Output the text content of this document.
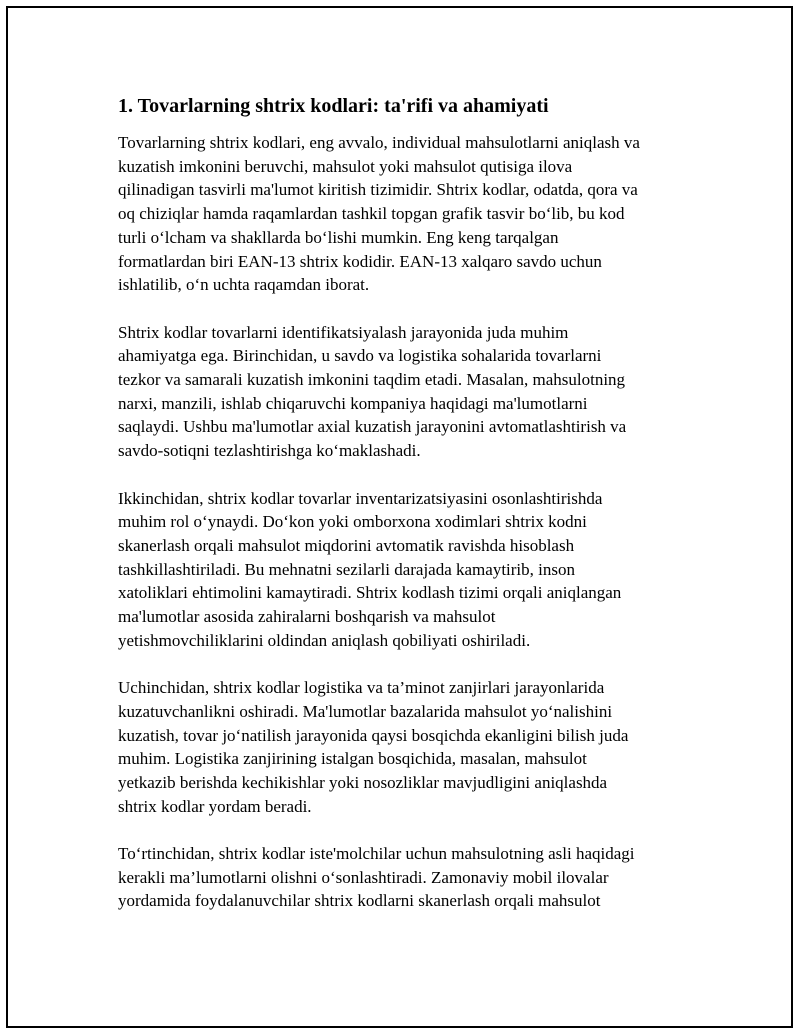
1. Tovarlarning shtrix kodlari: ta'rifi va ahamiyati

Tovarlarning shtrix kodlari, eng avvalo, individual mahsulotlarni aniqlash va
kuzatish imkonini beruvchi, mahsulot yoki mahsulot qutisiga ilova
qilinadigan tasvirli ma'lumot kiritish tizimidir. Shtrix kodlar, odatda, qora va
oq chiziqlar hamda raqamlardan tashkil topgan grafik tasvir boʻlib, bu kod
turli oʻlcham va shakllarda boʻlishi mumkin. Eng keng tarqalgan
formatlardan biri EAN-13 shtrix kodidir. EAN-13 xalqaro savdo uchun
ishlatilib, oʻn uchta raqamdan iborat.

Shtrix kodlar tovarlarni identifikatsiyalash jarayonida juda muhim
ahamiyatga ega. Birinchidan, u savdo va logistika sohalarida tovarlarni
tezkor va samarali kuzatish imkonini taqdim etadi. Masalan, mahsulotning
narxi, manzili, ishlab chiqaruvchi kompaniya haqidagi ma'lumotlarni
saqlaydi. Ushbu ma'lumotlar axial kuzatish jarayonini avtomatlashtirish va
savdo-sotiqni tezlashtirishga koʻmaklashadi.

Ikkinchidan, shtrix kodlar tovarlar inventarizatsiyasini osonlashtirishda
muhim rol oʻynaydi. Doʻkon yoki omborxona xodimlari shtrix kodni
skanerlash orqali mahsulot miqdorini avtomatik ravishda hisoblash
tashkillashtiriladi. Bu mehnatni sezilarli darajada kamaytirib, inson
xatoliklari ehtimolini kamaytiradi. Shtrix kodlash tizimi orqali aniqlangan
ma'lumotlar asosida zahiralarni boshqarish va mahsulot
yetishmovchiliklarini oldindan aniqlash qobiliyati oshiriladi.

Uchinchidan, shtrix kodlar logistika va ta’minot zanjirlari jarayonlarida
kuzatuvchanlikni oshiradi. Ma'lumotlar bazalarida mahsulot yoʻnalishini
kuzatish, tovar joʻnatilish jarayonida qaysi bosqichda ekanligini bilish juda
muhim. Logistika zanjirining istalgan bosqichida, masalan, mahsulot
yetkazib berishda kechikishlar yoki nosozliklar mavjudligini aniqlashda
shtrix kodlar yordam beradi.

Toʻrtinchidan, shtrix kodlar iste'molchilar uchun mahsulotning asli haqidagi
kerakli ma’lumotlarni olishni oʻsonlashtiradi. Zamonaviy mobil ilovalar
yordamida foydalanuvchilar shtrix kodlarni skanerlash orqali mahsulot
